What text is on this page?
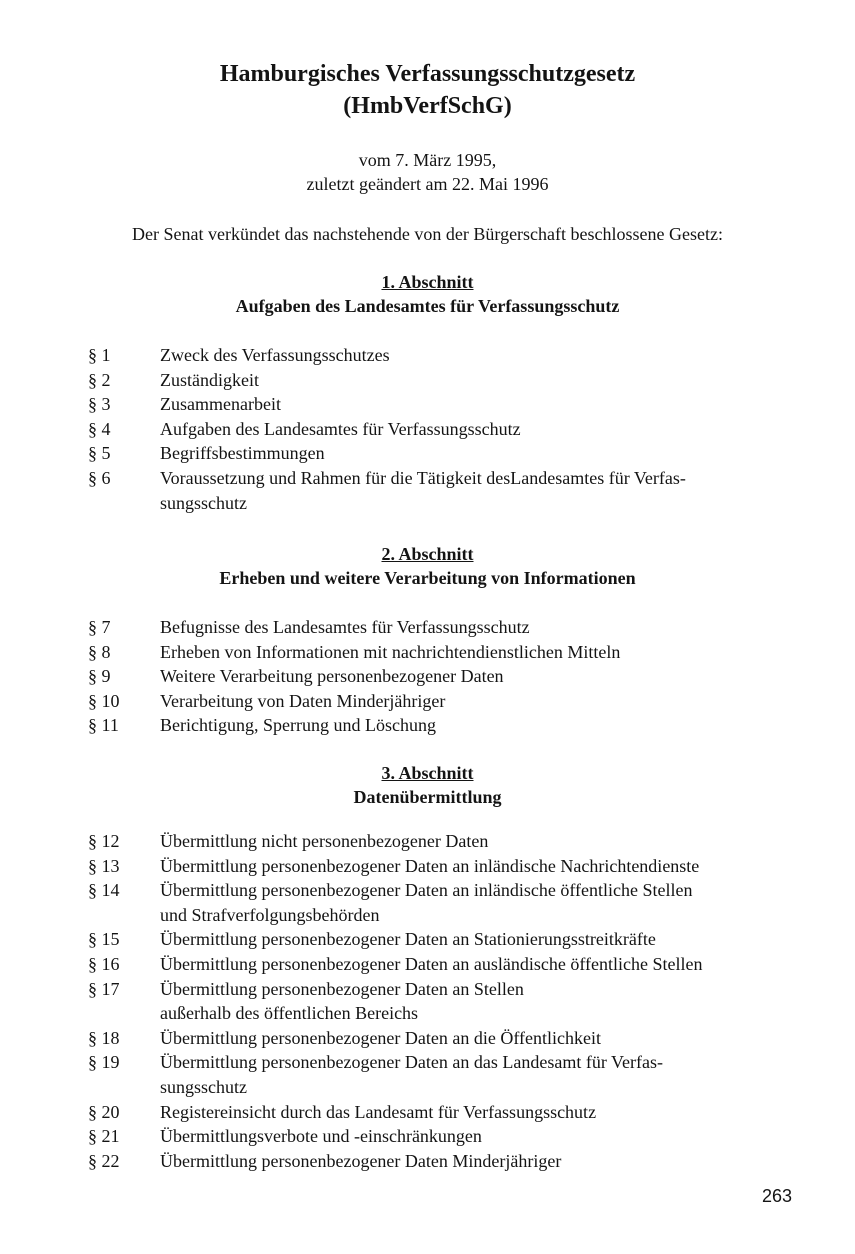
Hamburgisches Verfassungsschutzgesetz
(HmbVerfSchG)
vom 7. März 1995,
zuletzt geändert am 22. Mai 1996
Der Senat verkündet das nachstehende von der Bürgerschaft beschlossene Gesetz:
1. Abschnitt
Aufgaben des Landesamtes für Verfassungsschutz
§ 1	Zweck des Verfassungsschutzes
§ 2	Zuständigkeit
§ 3	Zusammenarbeit
§ 4	Aufgaben des Landesamtes für Verfassungsschutz
§ 5	Begriffsbestimmungen
§ 6	Voraussetzung und Rahmen für die Tätigkeit desLandesamtes für Verfas-
sungsschutz
2. Abschnitt
Erheben und weitere Verarbeitung von Informationen
§ 7	Befugnisse des Landesamtes für Verfassungsschutz
§ 8	Erheben von Informationen mit nachrichtendienstlichen Mitteln
§ 9	Weitere Verarbeitung personenbezogener Daten
§ 10	Verarbeitung von Daten Minderjähriger
§ 11	Berichtigung, Sperrung und Löschung
3. Abschnitt
Datenübermittlung
§ 12	Übermittlung nicht personenbezogener Daten
§ 13	Übermittlung personenbezogener Daten an inländische Nachrichtendienste
§ 14	Übermittlung personenbezogener Daten an inländische öffentliche Stellen
und Strafverfolgungsbehörden
§ 15	Übermittlung personenbezogener Daten an Stationierungsstreitkräfte
§ 16	Übermittlung personenbezogener Daten an ausländische öffentliche Stellen
§ 17	Übermittlung personenbezogener Daten an Stellen
außerhalb des öffentlichen Bereichs
§ 18	Übermittlung personenbezogener Daten an die Öffentlichkeit
§ 19	Übermittlung personenbezogener Daten an das Landesamt für Verfas-
sungsschutz
§ 20	Registereinsicht durch das Landesamt für Verfassungsschutz
§ 21	Übermittlungsverbote und -einschränkungen
§ 22	Übermittlung personenbezogener Daten Minderjähriger
263
